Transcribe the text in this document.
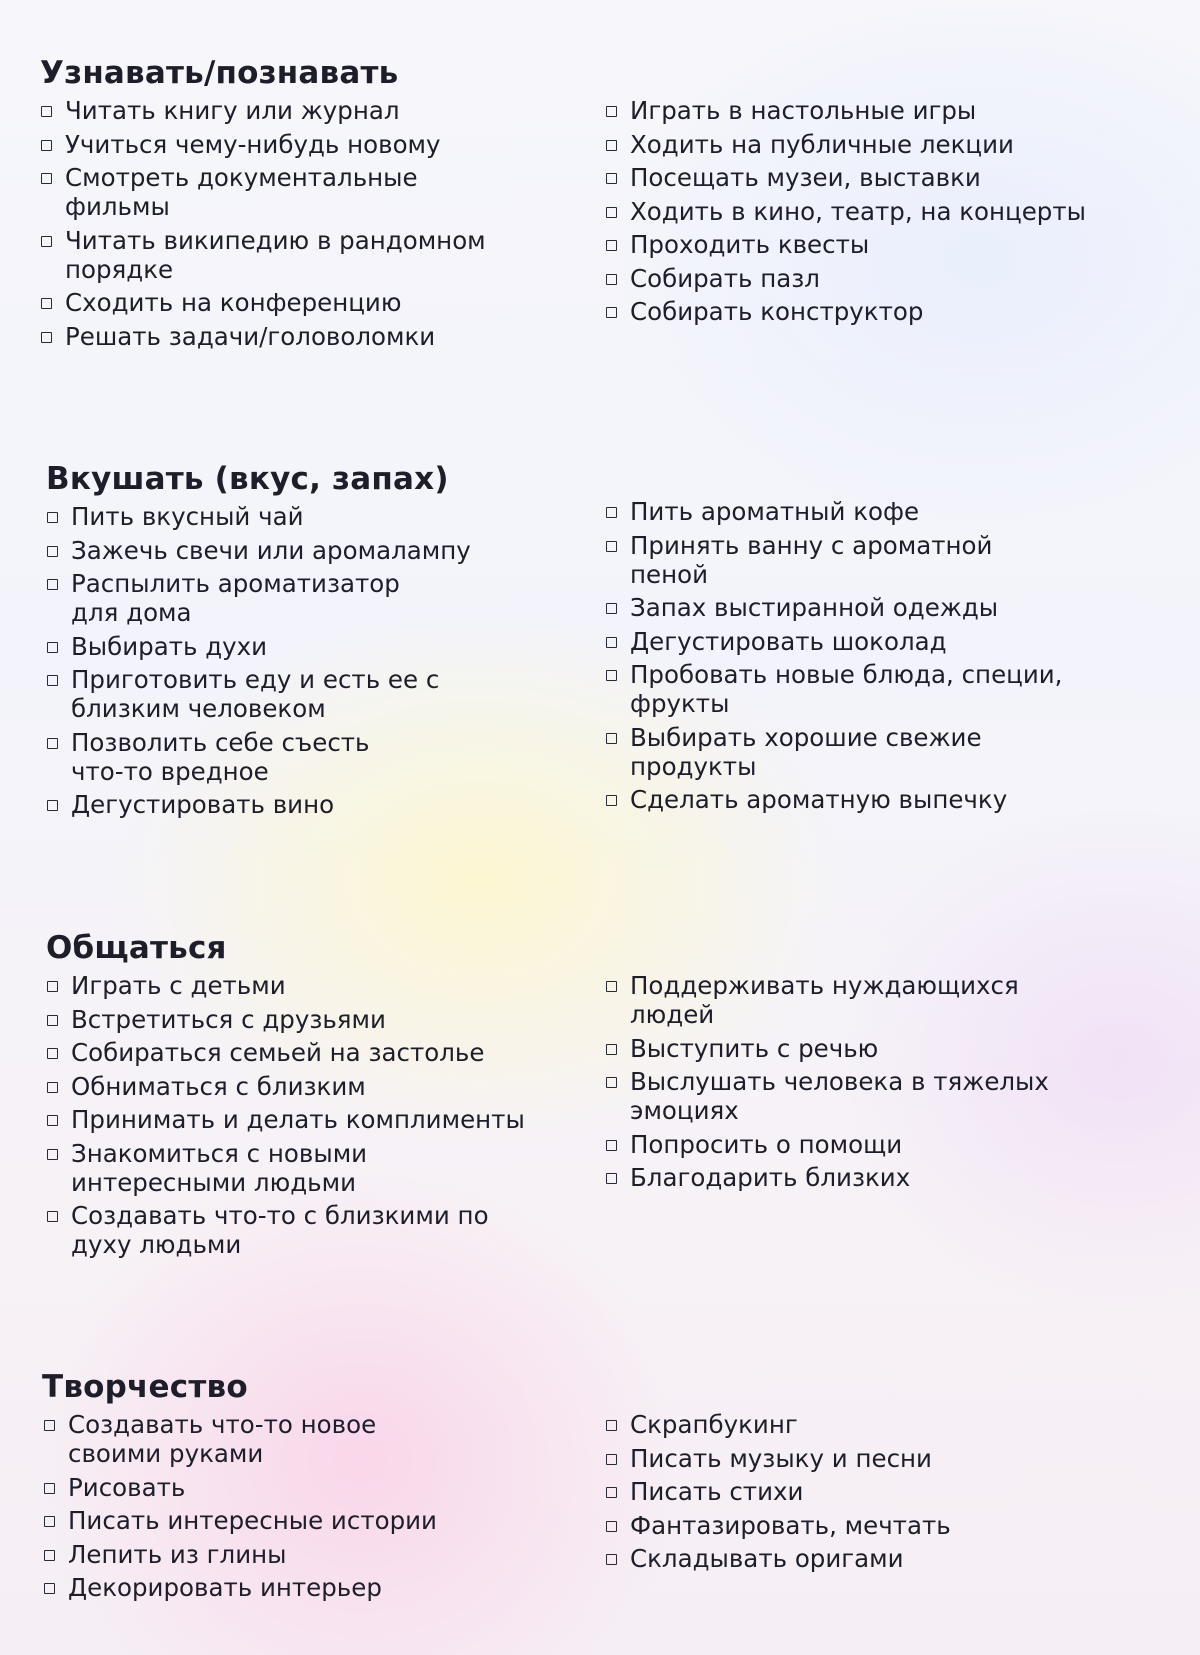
Узнавать/познавать
Читать книгу или журнал
Учиться чему-нибудь новому
Смотреть документальные фильмы
Читать википедию в рандомном порядке
Сходить на конференцию
Решать задачи/головоломки
Играть в настольные игры
Ходить на публичные лекции
Посещать музеи, выставки
Ходить в кино, театр, на концерты
Проходить квесты
Собирать пазл
Собирать конструктор
Вкушать (вкус, запах)
Пить вкусный чай
Зажечь свечи или аромалампу
Распылить ароматизатор для дома
Выбирать духи
Приготовить еду и есть ее с близким человеком
Позволить себе съесть что-то вредное
Дегустировать вино
Пить ароматный кофе
Принять ванну с ароматной пеной
Запах выстиранной одежды
Дегустировать шоколад
Пробовать новые блюда, специи, фрукты
Выбирать хорошие свежие продукты
Сделать ароматную выпечку
Общаться
Играть с детьми
Встретиться с друзьями
Собираться семьей на застолье
Обниматься с близким
Принимать и делать комплименты
Знакомиться с новыми интересными людьми
Создавать что-то с близкими по духу людьми
Поддерживать нуждающихся людей
Выступить с речью
Выслушать человека в тяжелых эмоциях
Попросить о помощи
Благодарить близких
Творчество
Создавать что-то новое своими руками
Рисовать
Писать интересные истории
Лепить из глины
Декорировать интерьер
Скрапбукинг
Писать музыку и песни
Писать стихи
Фантазировать, мечтать
Складывать оригами
